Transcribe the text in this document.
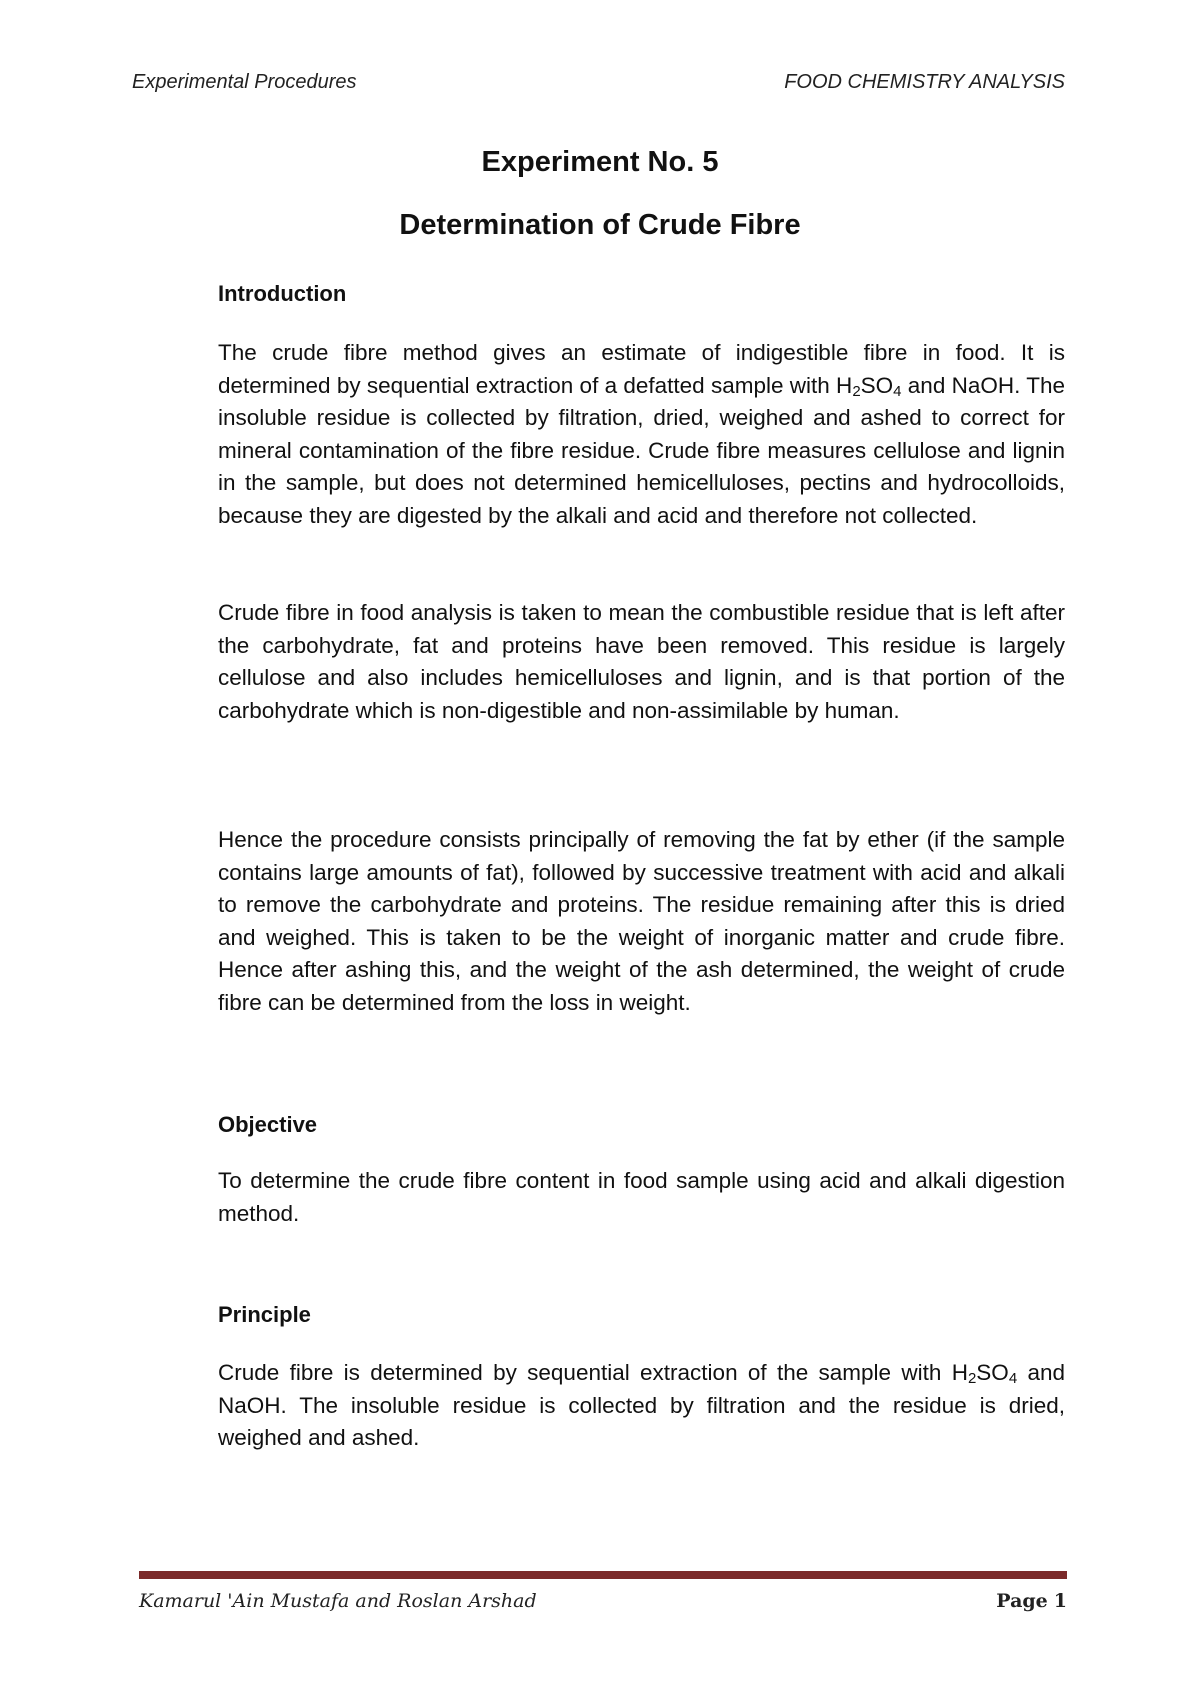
Experimental Procedures	FOOD CHEMISTRY ANALYSIS
Experiment No. 5
Determination of Crude Fibre
Introduction

The crude fibre method gives an estimate of indigestible fibre in food. It is determined by sequential extraction of a defatted sample with $H_2SO_4$ and NaOH. The insoluble residue is collected by filtration, dried, weighed and ashed to correct for mineral contamination of the fibre residue. Crude fibre measures cellulose and lignin in the sample, but does not determined hemicelluloses, pectins and hydrocolloids, because they are digested by the alkali and acid and therefore not collected.

Crude fibre in food analysis is taken to mean the combustible residue that is left after the carbohydrate, fat and proteins have been removed. This residue is largely cellulose and also includes hemicelluloses and lignin, and is that portion of the carbohydrate which is non-digestible and non-assimilable by human.

Hence the procedure consists principally of removing the fat by ether (if the sample contains large amounts of fat), followed by successive treatment with acid and alkali to remove the carbohydrate and proteins. The residue remaining after this is dried and weighed. This is taken to be the weight of inorganic matter and crude fibre. Hence after ashing this, and the weight of the ash determined, the weight of crude fibre can be determined from the loss in weight.

Objective

To determine the crude fibre content in food sample using acid and alkali digestion method.

Principle

Crude fibre is determined by sequential extraction of the sample with $H_2SO_4$ and NaOH. The insoluble residue is collected by filtration and the residue is dried, weighed and ashed.

Kamarul 'Ain Mustafa and Roslan Arshad	Page 1
